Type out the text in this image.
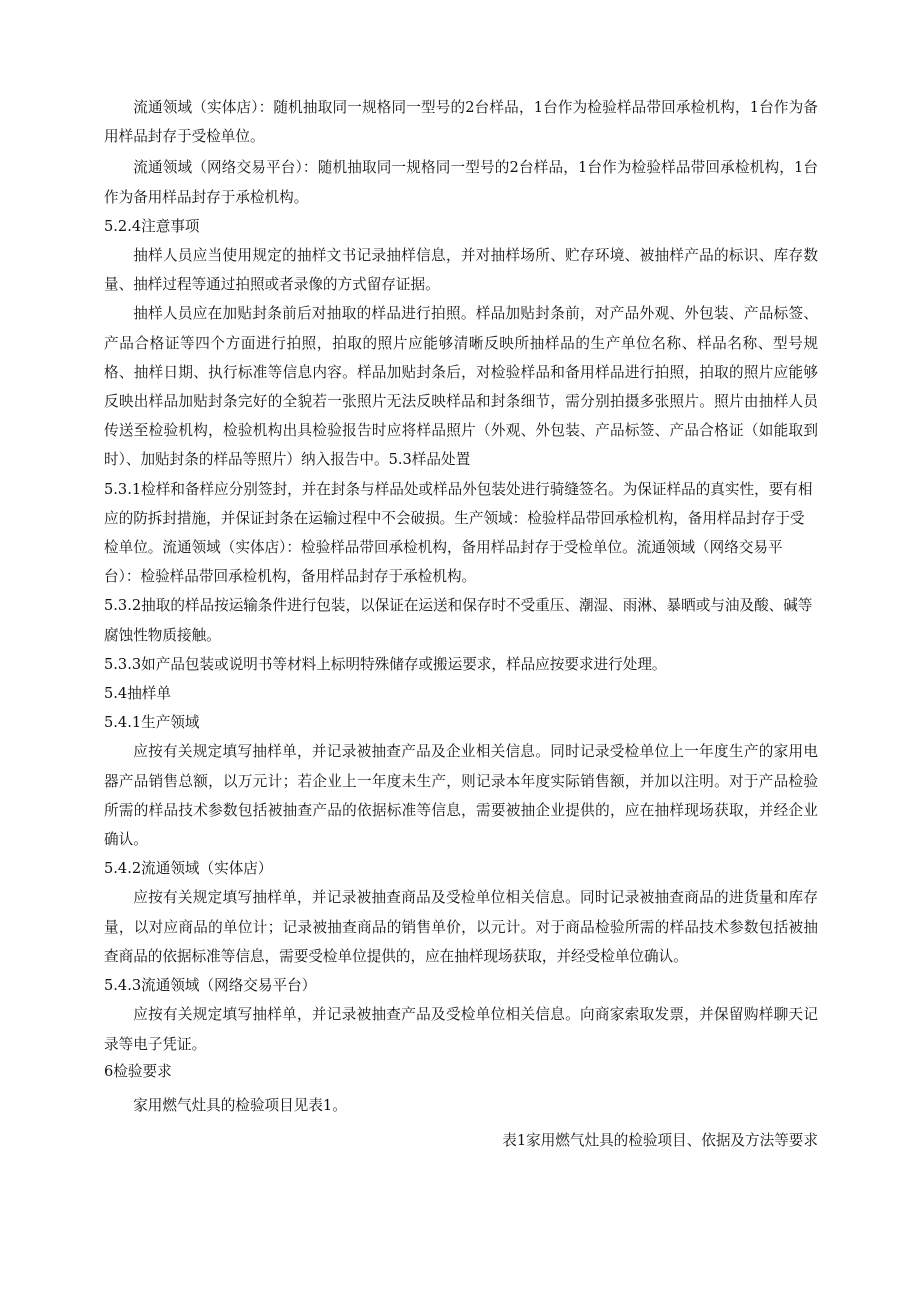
流通领域（实体店）：随机抽取同一规格同一型号的2台样品，1台作为检验样品带回承检机构，1台作为备用样品封存于受检单位。

流通领域（网络交易平台）：随机抽取同一规格同一型号的2台样品，1台作为检验样品带回承检机构，1台作为备用样品封存于承检机构。

5.2.4注意事项

抽样人员应当使用规定的抽样文书记录抽样信息，并对抽样场所、贮存环境、被抽样产品的标识、库存数量、抽样过程等通过拍照或者录像的方式留存证据。

抽样人员应在加贴封条前后对抽取的样品进行拍照。样品加贴封条前，对产品外观、外包装、产品标签、产品合格证等四个方面进行拍照，拍取的照片应能够清晰反映所抽样品的生产单位名称、样品名称、型号规格、抽样日期、执行标准等信息内容。样品加贴封条后，对检验样品和备用样品进行拍照，拍取的照片应能够反映出样品加贴封条完好的全貌若一张照片无法反映样品和封条细节，需分别拍摄多张照片。照片由抽样人员传送至检验机构，检验机构出具检验报告时应将样品照片（外观、外包装、产品标签、产品合格证（如能取到时）、加贴封条的样品等照片）纳入报告中。5.3样品处置

5.3.1检样和备样应分别签封，并在封条与样品处或样品外包装处进行骑缝签名。为保证样品的真实性，要有相应的防拆封措施，并保证封条在运输过程中不会破损。生产领域：检验样品带回承检机构，备用样品封存于受检单位。流通领域（实体店）：检验样品带回承检机构，备用样品封存于受检单位。流通领域（网络交易平台）：检验样品带回承检机构，备用样品封存于承检机构。

5.3.2抽取的样品按运输条件进行包装，以保证在运送和保存时不受重压、潮湿、雨淋、暴晒或与油及酸、碱等腐蚀性物质接触。

5.3.3如产品包装或说明书等材料上标明特殊储存或搬运要求，样品应按要求进行处理。

5.4抽样单

5.4.1生产领域

应按有关规定填写抽样单，并记录被抽查产品及企业相关信息。同时记录受检单位上一年度生产的家用电器产品销售总额，以万元计；若企业上一年度未生产，则记录本年度实际销售额，并加以注明。对于产品检验所需的样品技术参数包括被抽查产品的依据标准等信息，需要被抽企业提供的，应在抽样现场获取，并经企业确认。

5.4.2流通领域（实体店）

应按有关规定填写抽样单，并记录被抽查商品及受检单位相关信息。同时记录被抽查商品的进货量和库存量，以对应商品的单位计；记录被抽查商品的销售单价，以元计。对于商品检验所需的样品技术参数包括被抽查商品的依据标准等信息，需要受检单位提供的，应在抽样现场获取，并经受检单位确认。

5.4.3流通领域（网络交易平台）

应按有关规定填写抽样单，并记录被抽查产品及受检单位相关信息。向商家索取发票，并保留购样聊天记录等电子凭证。

6检验要求

家用燃气灶具的检验项目见表1。

表1家用燃气灶具的检验项目、依据及方法等要求
